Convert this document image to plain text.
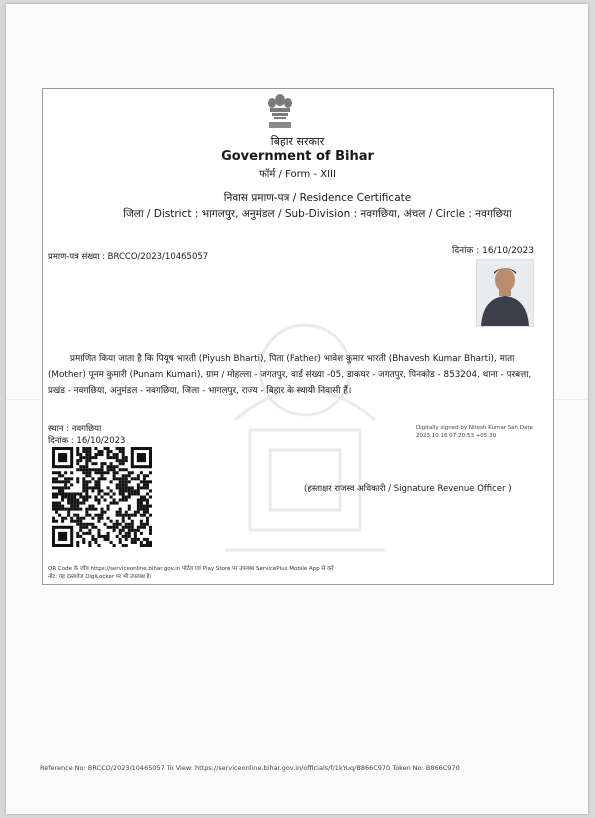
बिहार सरकार
Government of Bihar
फॉर्म / Form - XIII
निवास प्रमाण-पत्र / Residence Certificate
जिला / District : भागलपुर, अनुमंडल / Sub-Division : नवगछिया, अंचल / Circle : नवगछिया
प्रमाण-पत्र संख्या : BRCCO/2023/10465057
दिनांक : 16/10/2023
प्रमाणित किया जाता है कि पियूष भारती (Piyush Bharti), पिता (Father) भावेश कुमार भारती (Bhavesh Kumar Bharti), माता (Mother) पूनम कुमारी (Punam Kumari), ग्राम / मोहल्ला - जगतपुर, वार्ड संख्या -05, डाकघर - जगतपुर, पिनकोड - 853204, थाना - परबत्ता, प्रखंड - नवगछिया, अनुमंडल - नवगछिया, जिला - भागलपुर, राज्य - बिहार के स्थायी निवासी हैं।
स्थान : नवगछिया
दिनांक : 16/10/2023
Digitally signed by Nitesh Kumar Sah Date 2023.10.16 07:20:53 +05:30
(हस्ताक्षर राजस्व अधिकारी / Signature Revenue Officer )
QR Code के जाँच https://serviceonline.bihar.gov.in पोर्टल एवं Play Store पर उपलब्ध ServicePlus Mobile App से करें
नोट: यह दस्तावेज DigiLocker पर भी उपलब्ध है।
Reference No: BRCCO/2023/10465057 To View: https://serviceonline.bihar.gov.in/officials/f/1kYuq/B866C970 Token No: B866C970
